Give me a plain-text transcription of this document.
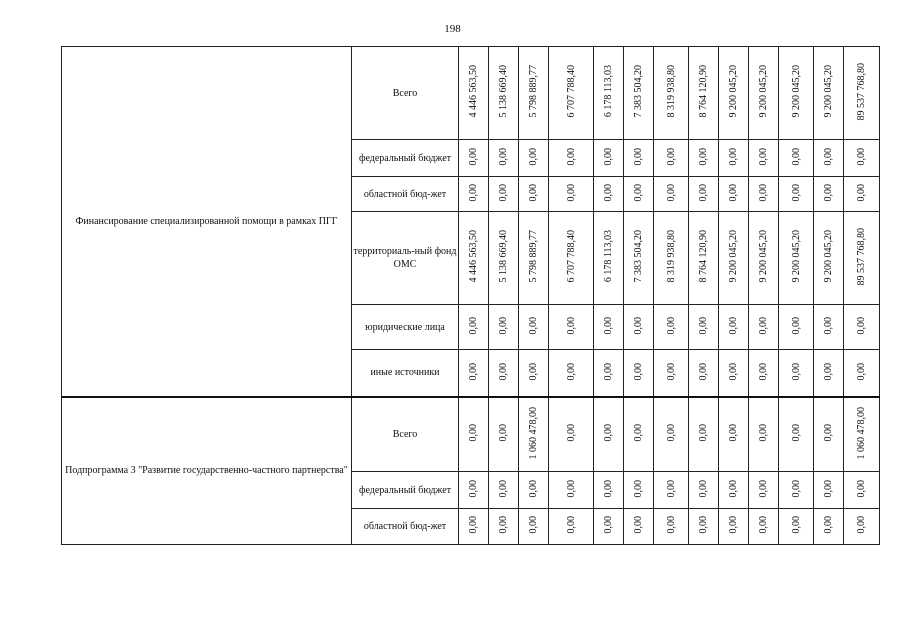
198
Финансирование специализированной помощи в рамках ПГГ	Всего	4 446 563,50	5 138 669,40	5 798 889,77	6 707 788,40	6 178 113,03	7 383 504,20	8 319 938,80	8 764 120,90	9 200 045,20	9 200 045,20	9 200 045,20	9 200 045,20	89 537 768,80
	федеральный бюджет	0,00	0,00	0,00	0,00	0,00	0,00	0,00	0,00	0,00	0,00	0,00	0,00	0,00
	областной бюд-жет	0,00	0,00	0,00	0,00	0,00	0,00	0,00	0,00	0,00	0,00	0,00	0,00	0,00
	территориаль-ный фонд ОМС	4 446 563,50	5 138 669,40	5 798 889,77	6 707 788,40	6 178 113,03	7 383 504,20	8 319 938,80	8 764 120,90	9 200 045,20	9 200 045,20	9 200 045,20	9 200 045,20	89 537 768,80
	юридические лица	0,00	0,00	0,00	0,00	0,00	0,00	0,00	0,00	0,00	0,00	0,00	0,00	0,00
	иные источники	0,00	0,00	0,00	0,00	0,00	0,00	0,00	0,00	0,00	0,00	0,00	0,00	0,00
Подпрограмма 3 "Развитие государственно-частного партнерства"	Всего	0,00	0,00	1 060 478,00	0,00	0,00	0,00	0,00	0,00	0,00	0,00	0,00	0,00	1 060 478,00
	федеральный бюджет	0,00	0,00	0,00	0,00	0,00	0,00	0,00	0,00	0,00	0,00	0,00	0,00	0,00
	областной бюд-жет	0,00	0,00	0,00	0,00	0,00	0,00	0,00	0,00	0,00	0,00	0,00	0,00	0,00
